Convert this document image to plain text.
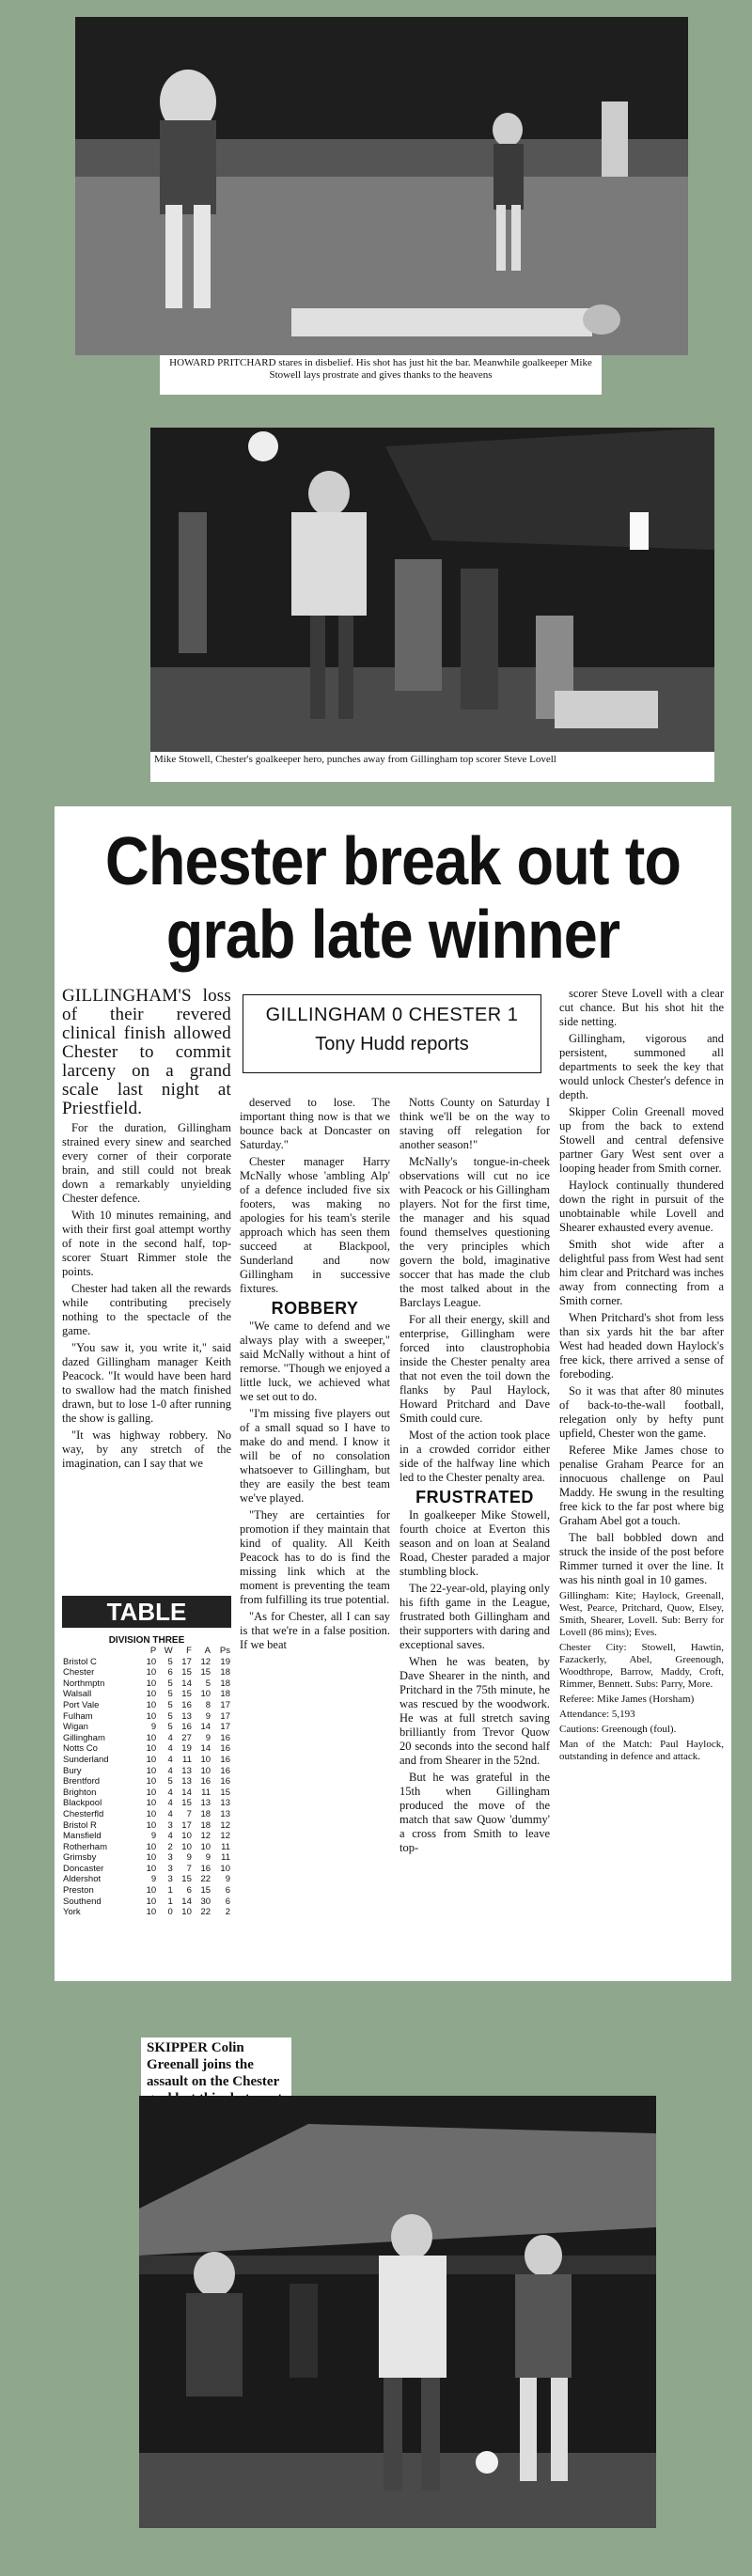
HOWARD PRITCHARD stares in disbelief. His shot has just hit the bar. Meanwhile goalkeeper Mike Stowell lays prostrate and gives thanks to the heavens
Mike Stowell, Chester's goalkeeper hero, punches away from Gillingham top scorer Steve Lovell
Chester break out to grab late winner
GILLINGHAM 0 CHESTER 1
Tony Hudd reports

GILLINGHAM'S loss of their revered clinical finish allowed Chester to commit larceny on a grand scale last night at Priestfield.

For the duration, Gillingham strained every sinew and searched every corner of their corporate brain, and still could not break down a remarkably unyielding Chester defence.

With 10 minutes remaining, and with their first goal attempt worthy of note in the second half, top-scorer Stuart Rimmer stole the points.

Chester had taken all the rewards while contributing precisely nothing to the spectacle of the game.

"You saw it, you write it," said dazed Gillingham manager Keith Peacock. "It would have been hard to swallow had the match finished drawn, but to lose 1-0 after running the show is galling.

"It was highway robbery. No way, by any stretch of the imagination, can I say that we

TABLE
DIVISION THREE
	P	W	F	A	Ps
Bristol C	10	5	17	12	19
Chester	10	6	15	15	18
Northmptn	10	5	14	5	18
Walsall	10	5	15	10	18
Port Vale	10	5	16	8	17
Fulham	10	5	13	9	17
Wigan	9	5	16	14	17
Gillingham	10	4	27	9	16
Notts Co	10	4	19	14	16
Sunderland	10	4	11	10	16
Bury	10	4	13	10	16
Brentford	10	5	13	16	16
Brighton	10	4	14	11	15
Blackpool	10	4	15	13	13
Chesterfld	10	4	7	18	13
Bristol R	10	3	17	18	12
Mansfield	9	4	10	12	12
Rotherham	10	2	10	10	11
Grimsby	10	3	9	9	11
Doncaster	10	3	7	16	10
Aldershot	9	3	15	22	9
Preston	10	1	6	15	6
Southend	10	1	14	30	6
York	10	0	10	22	2

deserved to lose. The important thing now is that we bounce back at Doncaster on Saturday."

Chester manager Harry McNally whose 'ambling Alp' of a defence included five six footers, was making no apologies for his team's sterile approach which has seen them succeed at Blackpool, Sunderland and now Gillingham in successive fixtures.

ROBBERY

"We came to defend and we always play with a sweeper," said McNally without a hint of remorse. "Though we enjoyed a little luck, we achieved what we set out to do.

"I'm missing five players out of a small squad so I have to make do and mend. I know it will be of no consolation whatsoever to Gillingham, but they are easily the best team we've played.

"They are certainties for promotion if they maintain that kind of quality. All Keith Peacock has to do is find the missing link which at the moment is preventing the team from fulfilling its true potential.

"As for Chester, all I can say is that we're in a false position. If we beat

Notts County on Saturday I think we'll be on the way to staving off relegation for another season!"

McNally's tongue-in-cheek observations will cut no ice with Peacock or his Gillingham players. Not for the first time, the manager and his squad found themselves questioning the very principles which govern the bold, imaginative soccer that has made the club the most talked about in the Barclays League.

For all their energy, skill and enterprise, Gillingham were forced into claustrophobia inside the Chester penalty area that not even the toil down the flanks by Paul Haylock, Howard Pritchard and Dave Smith could cure.

Most of the action took place in a crowded corridor either side of the halfway line which led to the Chester penalty area.

FRUSTRATED

In goalkeeper Mike Stowell, fourth choice at Everton this season and on loan at Sealand Road, Chester paraded a major stumbling block.

The 22-year-old, playing only his fifth game in the League, frustrated both Gillingham and their supporters with daring and exceptional saves.

When he was beaten, by Dave Shearer in the ninth, and Pritchard in the 75th minute, he was rescued by the woodwork. He was at full stretch saving brilliantly from Trevor Quow 20 seconds into the second half and from Shearer in the 52nd.

But he was grateful in the 15th when Gillingham produced the move of the match that saw Quow 'dummy' a cross from Smith to leave top-

scorer Steve Lovell with a clear cut chance. But his shot hit the side netting.

Gillingham, vigorous and persistent, summoned all departments to seek the key that would unlock Chester's defence in depth.

Skipper Colin Greenall moved up from the back to extend Stowell and central defensive partner Gary West sent over a looping header from Smith corner.

Haylock continually thundered down the right in pursuit of the unobtainable while Lovell and Shearer exhausted every avenue.

Smith shot wide after a delightful pass from West had sent him clear and Pritchard was inches away from connecting from a Smith corner.

When Pritchard's shot from less than six yards hit the bar after West had headed down Haylock's free kick, there arrived a sense of foreboding.

So it was that after 80 minutes of back-to-the-wall football, relegation only by hefty punt upfield, Chester won the game.

Referee Mike James chose to penalise Graham Pearce for an innocuous challenge on Paul Maddy. He swung in the resulting free kick to the far post where big Graham Abel got a touch.

The ball bobbled down and struck the inside of the post before Rimmer turned it over the line. It was his ninth goal in 10 games.

Gillingham: Kite; Haylock, Greenall, West, Pearce, Pritchard, Quow, Elsey, Smith, Shearer, Lovell. Sub: Berry for Lovell (86 mins); Eves.

Chester City: Stowell, Hawtin, Fazackerly, Abel, Greenough, Woodthrope, Barrow, Maddy, Croft, Rimmer, Bennett. Subs: Parry, More.

Referee: Mike James (Horsham)

Attendance: 5,193

Cautions: Greenough (foul).

Man of the Match: Paul Haylock, outstanding in defence and attack.

SKIPPER Colin Greenall joins the assault on the Chester
